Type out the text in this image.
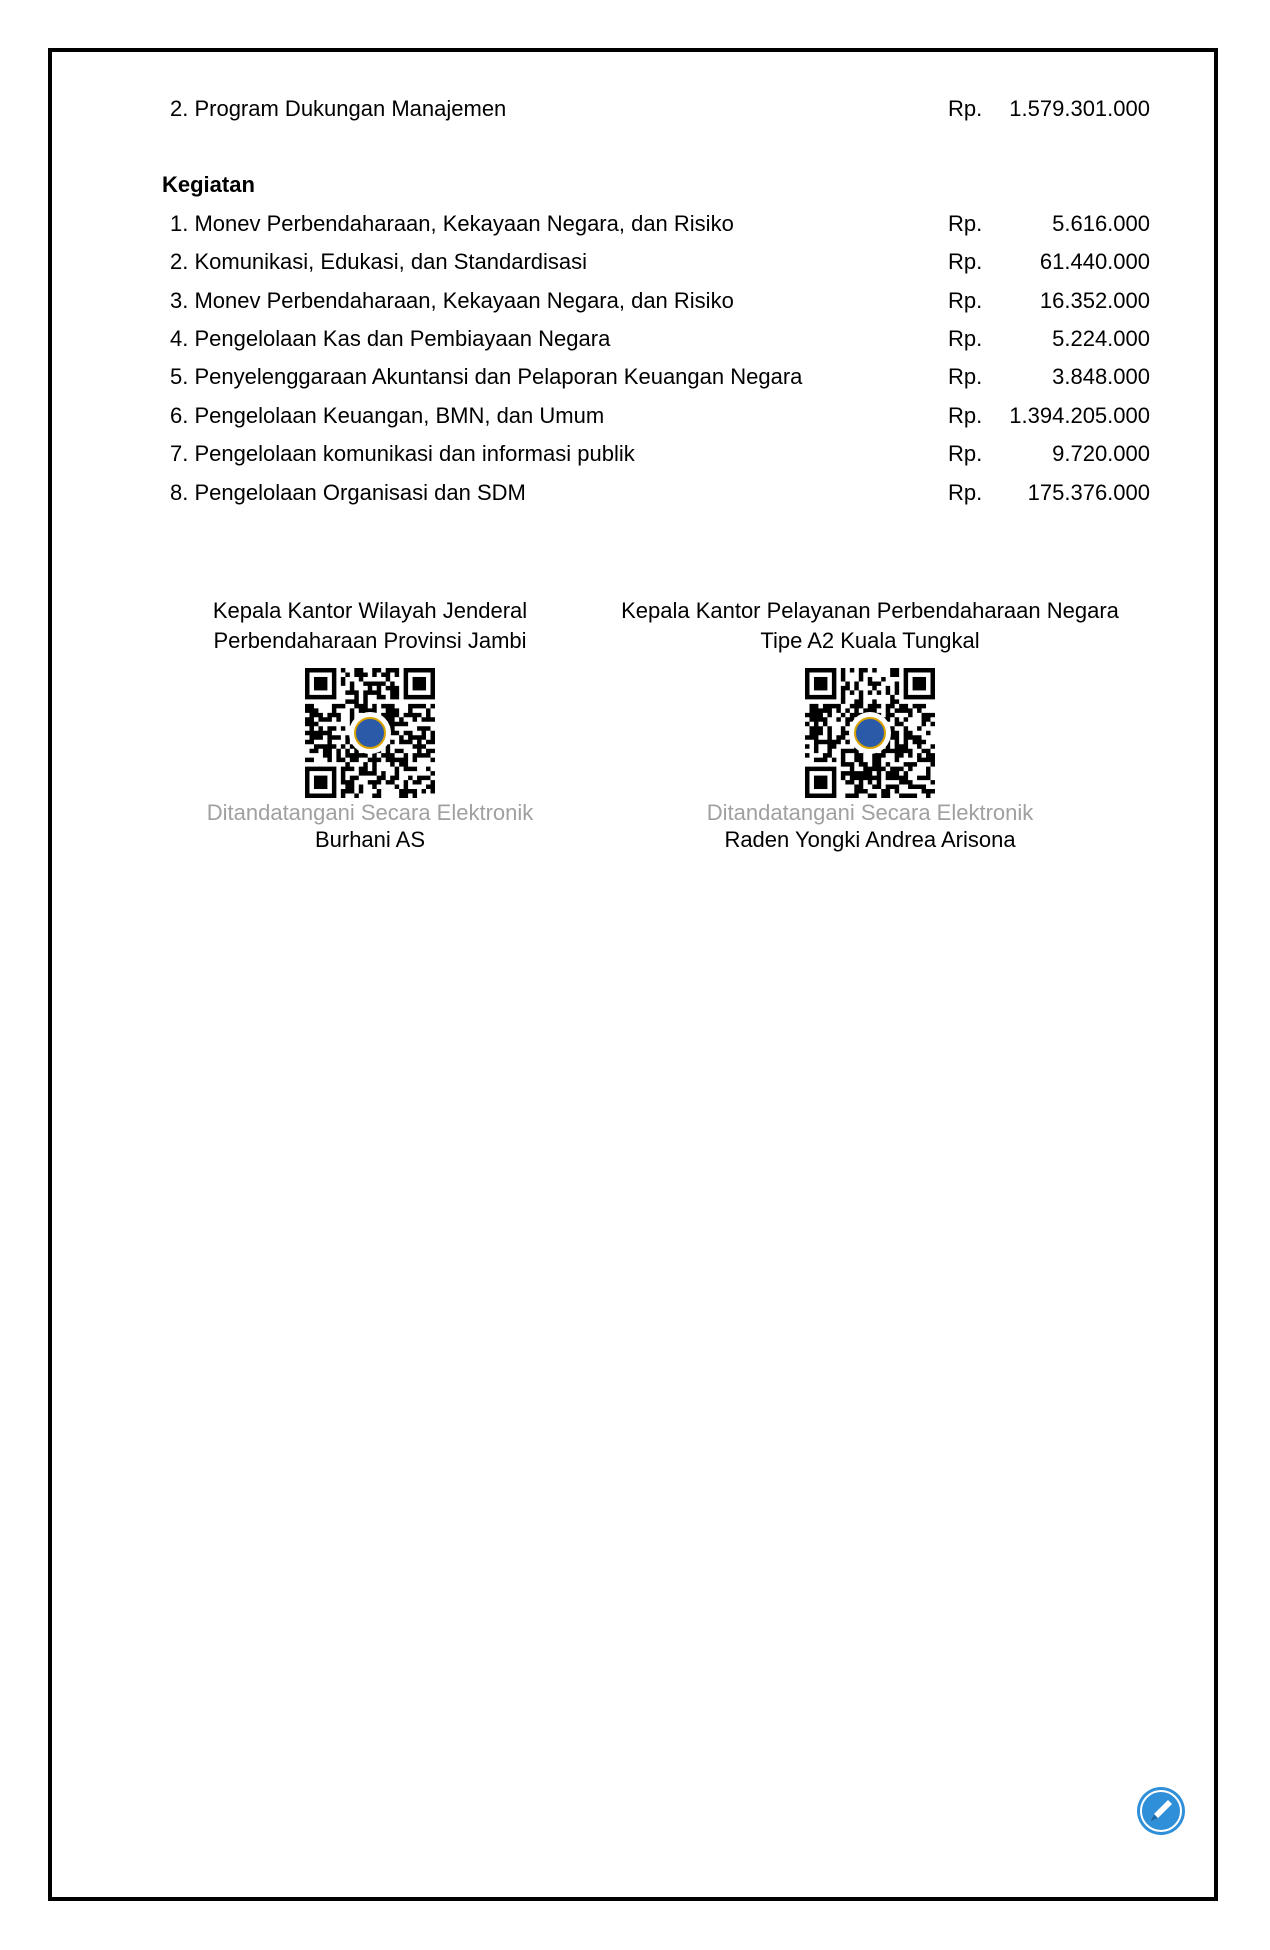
2. Program Dukungan Manajemen	Rp. 1.579.301.000
Kegiatan
1. Monev Perbendaharaan, Kekayaan Negara, dan Risiko	Rp.	5.616.000
2. Komunikasi, Edukasi, dan Standardisasi	Rp.	61.440.000
3. Monev Perbendaharaan, Kekayaan Negara, dan Risiko	Rp.	16.352.000
4. Pengelolaan Kas dan Pembiayaan Negara	Rp.	5.224.000
5. Penyelenggaraan Akuntansi dan Pelaporan Keuangan Negara	Rp.	3.848.000
6. Pengelolaan Keuangan, BMN, dan Umum	Rp. 1.394.205.000
7. Pengelolaan komunikasi dan informasi publik	Rp.	9.720.000
8. Pengelolaan Organisasi dan SDM	Rp. 175.376.000
Kepala Kantor Wilayah Jenderal
Perbendaharaan Provinsi Jambi
Ditandatangani Secara Elektronik
Burhani AS
Kepala Kantor Pelayanan Perbendaharaan Negara
Tipe A2 Kuala Tungkal
Ditandatangani Secara Elektronik
Raden Yongki Andrea Arisona
